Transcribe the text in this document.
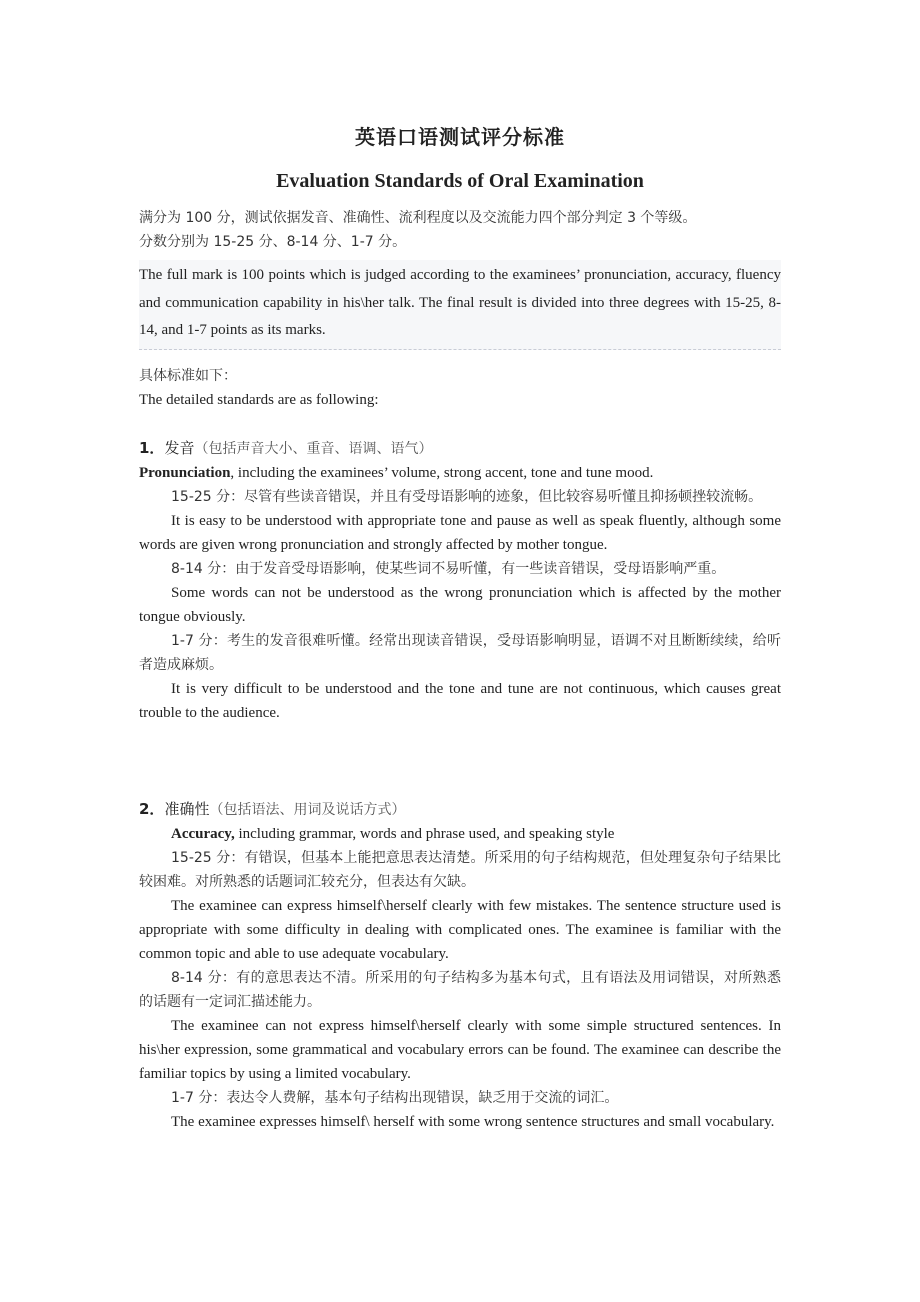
英语口语测试评分标准
Evaluation Standards of Oral Examination

满分为 100 分，测试依据发音、准确性、流利程度以及交流能力四个部分判定 3 个等级。

分数分别为 15-25 分、8-14 分、1-7 分。

The full mark is 100 points which is judged according to the examinees’ pronunciation, accuracy, fluency and communication capability in his\her talk. The final result is divided into three degrees with 15-25, 8-14, and 1-7 points as its marks.

具体标准如下：

The detailed standards are as following:

1．发音（包括声音大小、重音、语调、语气）

Pronunciation, including the examinees’ volume, strong accent, tone and tune mood.

15-25 分：尽管有些读音错误，并且有受母语影响的迹象，但比较容易听懂且抑扬顿挫较流畅。

It is easy to be understood with appropriate tone and pause as well as speak fluently, although some words are given wrong pronunciation and strongly affected by mother tongue.

8-14 分：由于发音受母语影响，使某些词不易听懂，有一些读音错误，受母语影响严重。

Some words can not be understood as the wrong pronunciation which is affected by the mother tongue obviously.

1-7 分：考生的发音很难听懂。经常出现读音错误，受母语影响明显，语调不对且断断续续，给听者造成麻烦。

It is very difficult to be understood and the tone and tune are not continuous, which causes great trouble to the audience.

2．准确性（包括语法、用词及说话方式）

Accuracy, including grammar, words and phrase used, and speaking style

15-25 分：有错误，但基本上能把意思表达清楚。所采用的句子结构规范，但处理复杂句子结果比较困难。对所熟悉的话题词汇较充分，但表达有欠缺。

The examinee can express himself\herself clearly with few mistakes. The sentence structure used is appropriate with some difficulty in dealing with complicated ones. The examinee is familiar with the common topic and able to use adequate vocabulary.

8-14 分：有的意思表达不清。所采用的句子结构多为基本句式，且有语法及用词错误，对所熟悉的话题有一定词汇描述能力。

The examinee can not express himself\herself clearly with some simple structured sentences. In his\her expression, some grammatical and vocabulary errors can be found. The examinee can describe the familiar topics by using a limited vocabulary.

1-7 分：表达令人费解，基本句子结构出现错误，缺乏用于交流的词汇。

The examinee expresses himself\ herself with some wrong sentence structures and small vocabulary.
